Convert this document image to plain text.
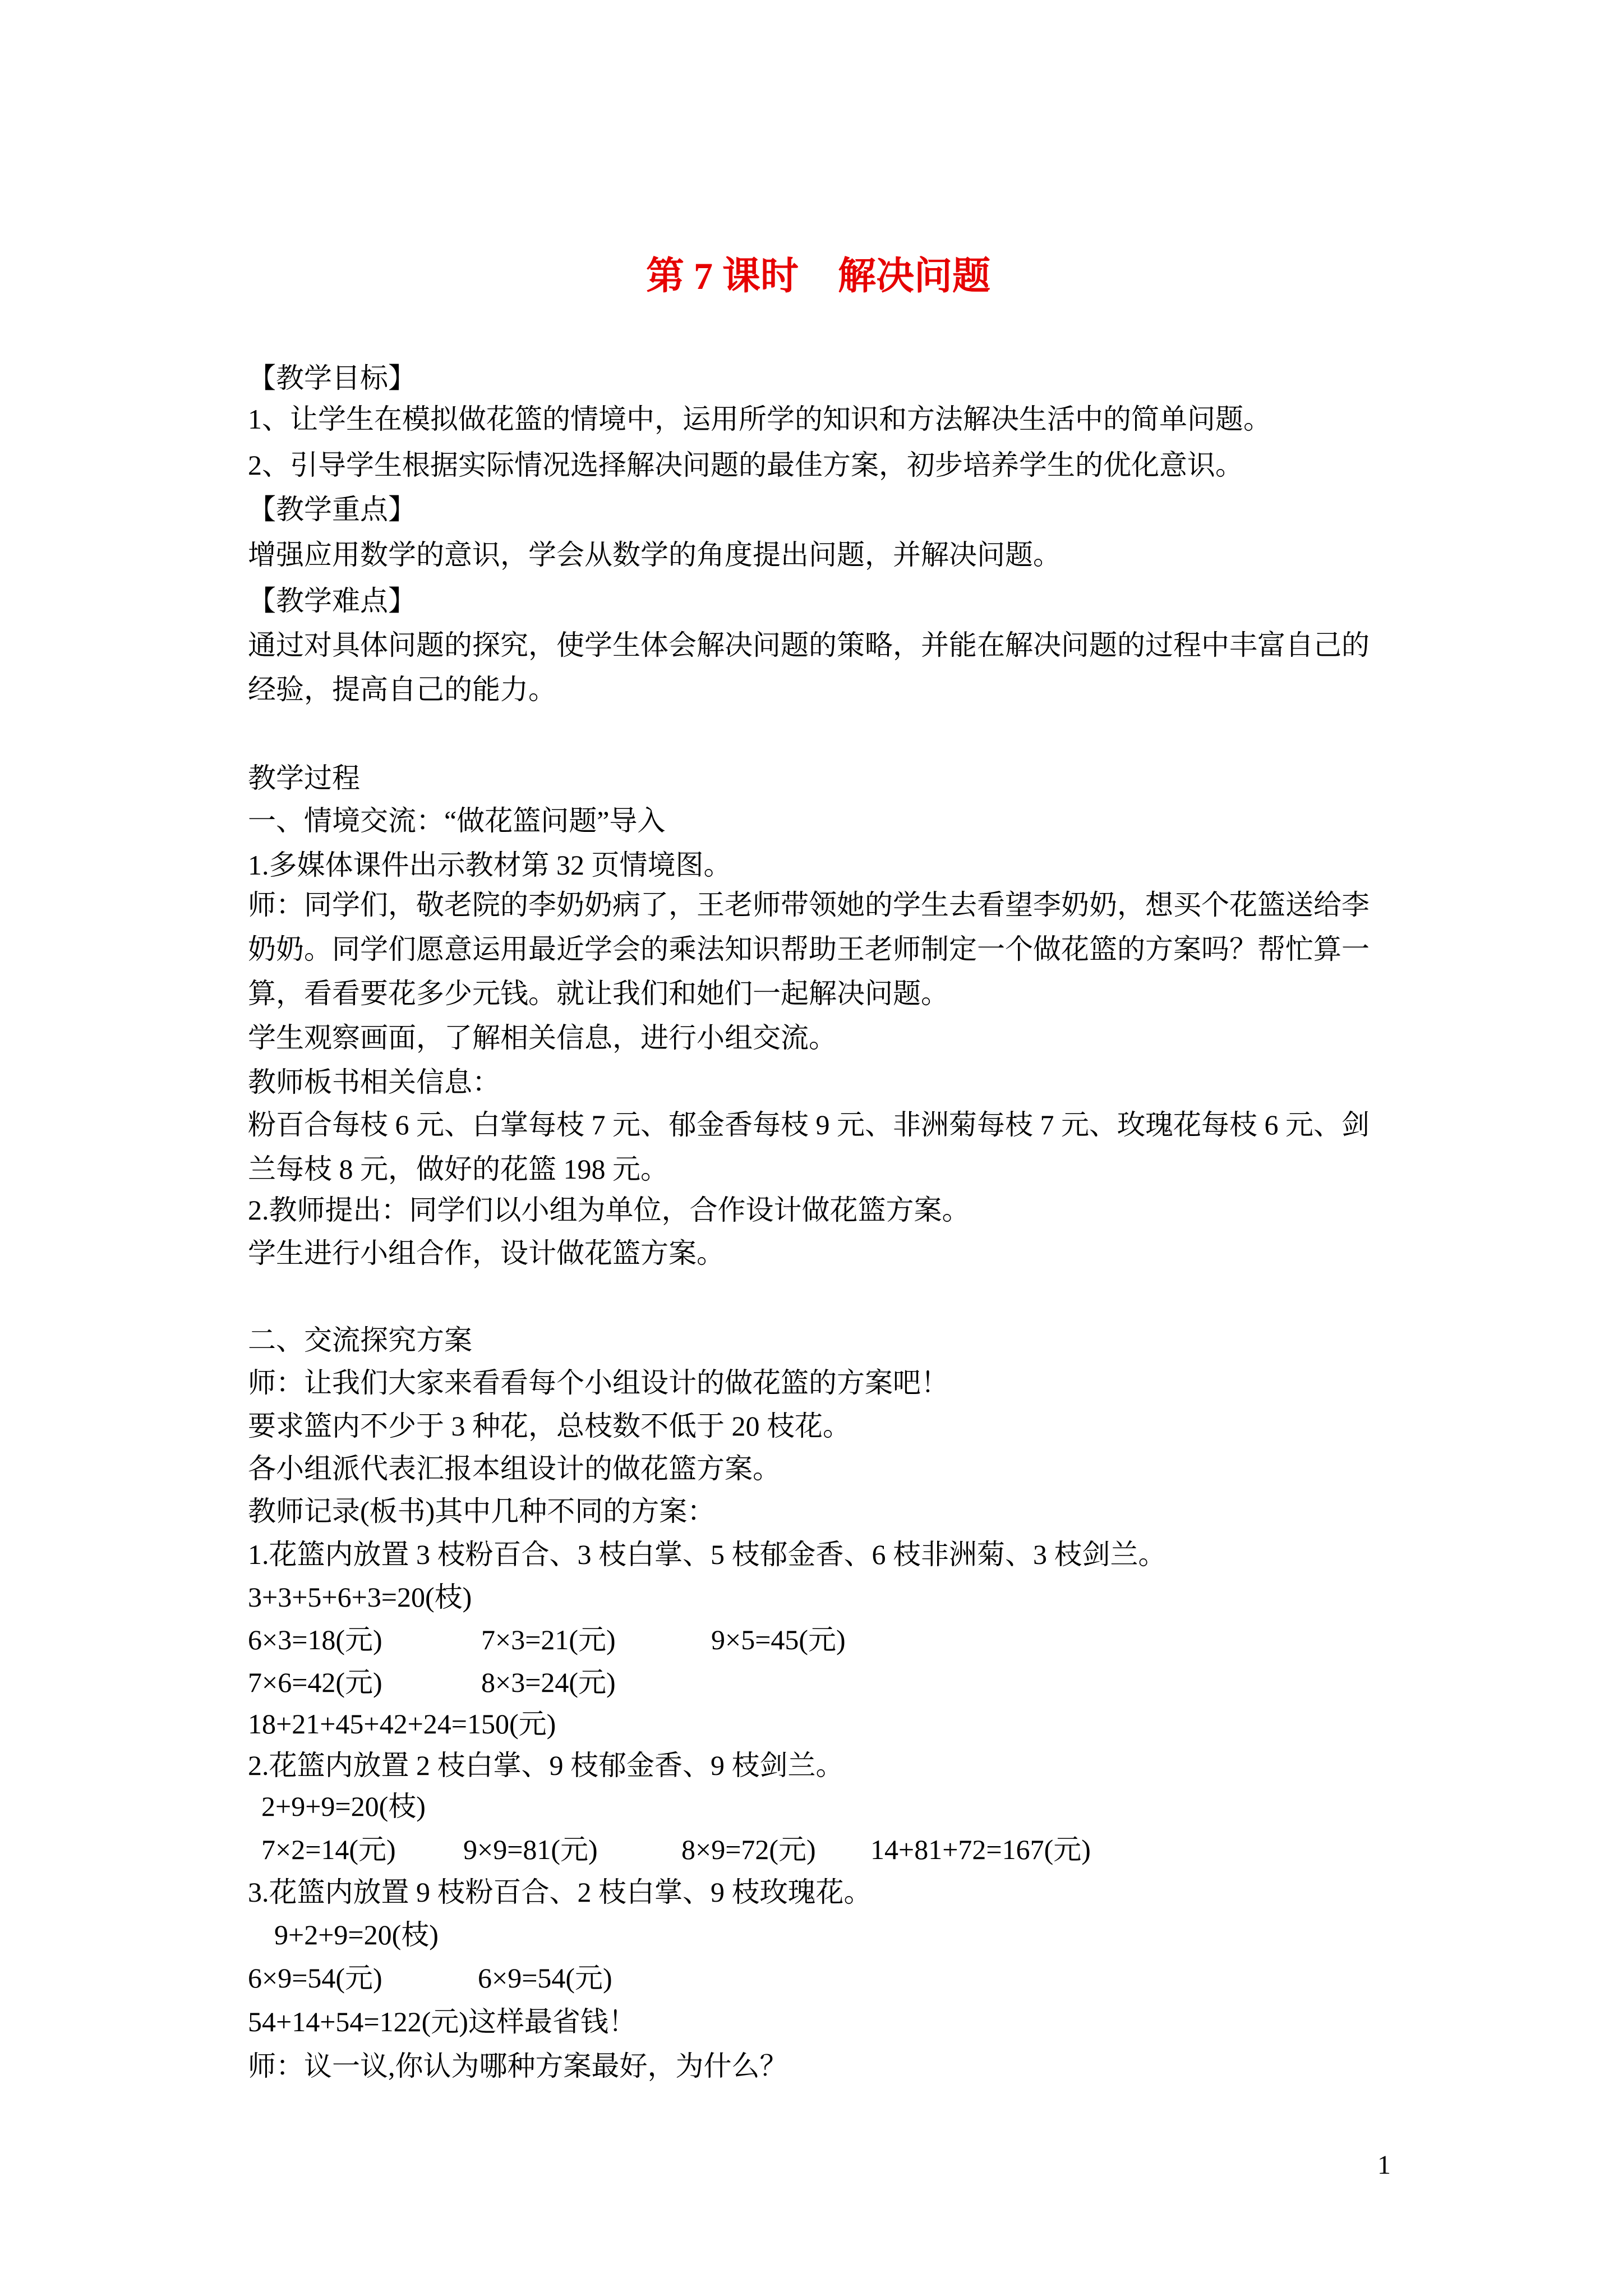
第 7 课时 解决问题
【教学目标】
1、让学生在模拟做花篮的情境中，运用所学的知识和方法解决生活中的简单问题。
2、引导学生根据实际情况选择解决问题的最佳方案，初步培养学生的优化意识。
【教学重点】
增强应用数学的意识，学会从数学的角度提出问题，并解决问题。
【教学难点】
通过对具体问题的探究，使学生体会解决问题的策略，并能在解决问题的过程中丰富自己的
经验，提高自己的能力。
教学过程
一、情境交流：“做花篮问题”导入
1.多媒体课件出示教材第 32 页情境图。
师：同学们，敬老院的李奶奶病了，王老师带领她的学生去看望李奶奶，想买个花篮送给李
奶奶。同学们愿意运用最近学会的乘法知识帮助王老师制定一个做花篮的方案吗？帮忙算一
算，看看要花多少元钱。就让我们和她们一起解决问题。
学生观察画面，了解相关信息，进行小组交流。
教师板书相关信息：
粉百合每枝 6 元、白掌每枝 7 元、郁金香每枝 9 元、非洲菊每枝 7 元、玫瑰花每枝 6 元、剑
兰每枝 8 元，做好的花篮 198 元。
2.教师提出：同学们以小组为单位，合作设计做花篮方案。
学生进行小组合作，设计做花篮方案。
二、交流探究方案
师：让我们大家来看看每个小组设计的做花篮的方案吧！
要求篮内不少于 3 种花，总枝数不低于 20 枝花。
各小组派代表汇报本组设计的做花篮方案。
教师记录(板书)其中几种不同的方案：
1.花篮内放置 3 枝粉百合、3 枝白掌、5 枝郁金香、6 枝非洲菊、3 枝剑兰。
3+3+5+6+3=20(枝)
6×3=18(元)	7×3=21(元)	9×5=45(元)
7×6=42(元)	8×3=24(元)
18+21+45+42+24=150(元)
2.花篮内放置 2 枝白掌、9 枝郁金香、9 枝剑兰。
2+9+9=20(枝)
7×2=14(元) 9×9=81(元)	8×9=72(元) 14+81+72=167(元)
3.花篮内放置 9 枝粉百合、2 枝白掌、9 枝玫瑰花。
9+2+9=20(枝)
6×9=54(元)	6×9=54(元)
54+14+54=122(元)这样最省钱！
师：议一议,你认为哪种方案最好，为什么？
1
